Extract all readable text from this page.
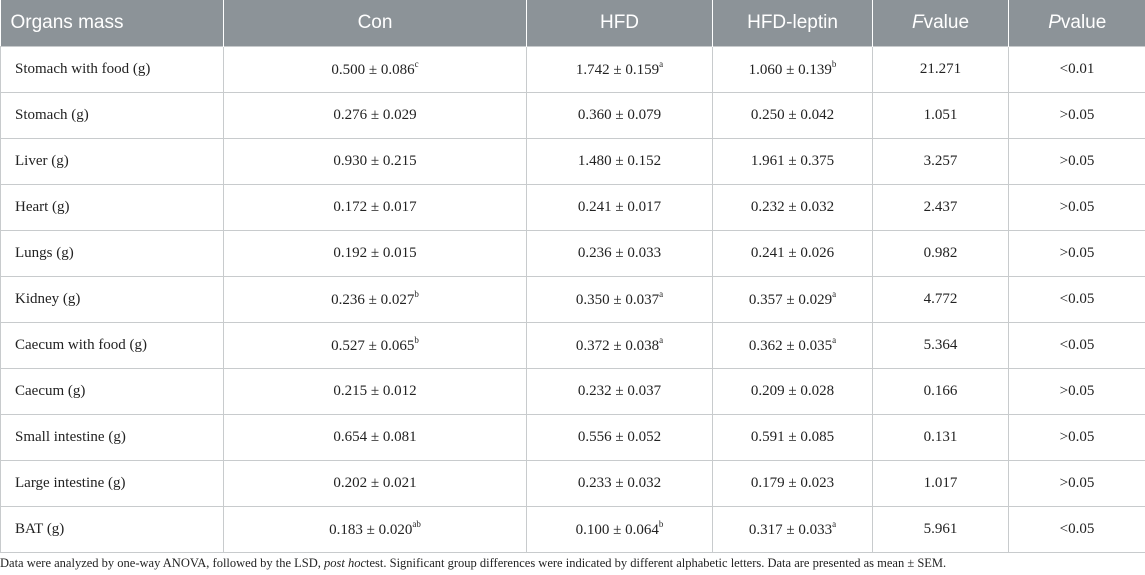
Organs mass	Con	HFD	HFD-leptin	Fvalue	Pvalue
Stomach with food (g)	0.500 ± 0.086$^c$	1.742 ± 0.159$^a$	1.060 ± 0.139$^b$	21.271	<0.01
Stomach (g)	0.276 ± 0.029	0.360 ± 0.079	0.250 ± 0.042	1.051	>0.05
Liver (g)	0.930 ± 0.215	1.480 ± 0.152	1.961 ± 0.375	3.257	>0.05
Heart (g)	0.172 ± 0.017	0.241 ± 0.017	0.232 ± 0.032	2.437	>0.05
Lungs (g)	0.192 ± 0.015	0.236 ± 0.033	0.241 ± 0.026	0.982	>0.05
Kidney (g)	0.236 ± 0.027$^b$	0.350 ± 0.037$^a$	0.357 ± 0.029$^a$	4.772	<0.05
Caecum with food (g)	0.527 ± 0.065$^b$	0.372 ± 0.038$^a$	0.362 ± 0.035$^a$	5.364	<0.05
Caecum (g)	0.215 ± 0.012	0.232 ± 0.037	0.209 ± 0.028	0.166	>0.05
Small intestine (g)	0.654 ± 0.081	0.556 ± 0.052	0.591 ± 0.085	0.131	>0.05
Large intestine (g)	0.202 ± 0.021	0.233 ± 0.032	0.179 ± 0.023	1.017	>0.05
BAT (g)	0.183 ± 0.020$^{ab}$	0.100 ± 0.064$^b$	0.317 ± 0.033$^a$	5.961	<0.05
Data were analyzed by one-way ANOVA, followed by the LSD, post hoctest. Significant group differences were indicated by different alphabetic letters. Data are presented as mean ± SEM.
